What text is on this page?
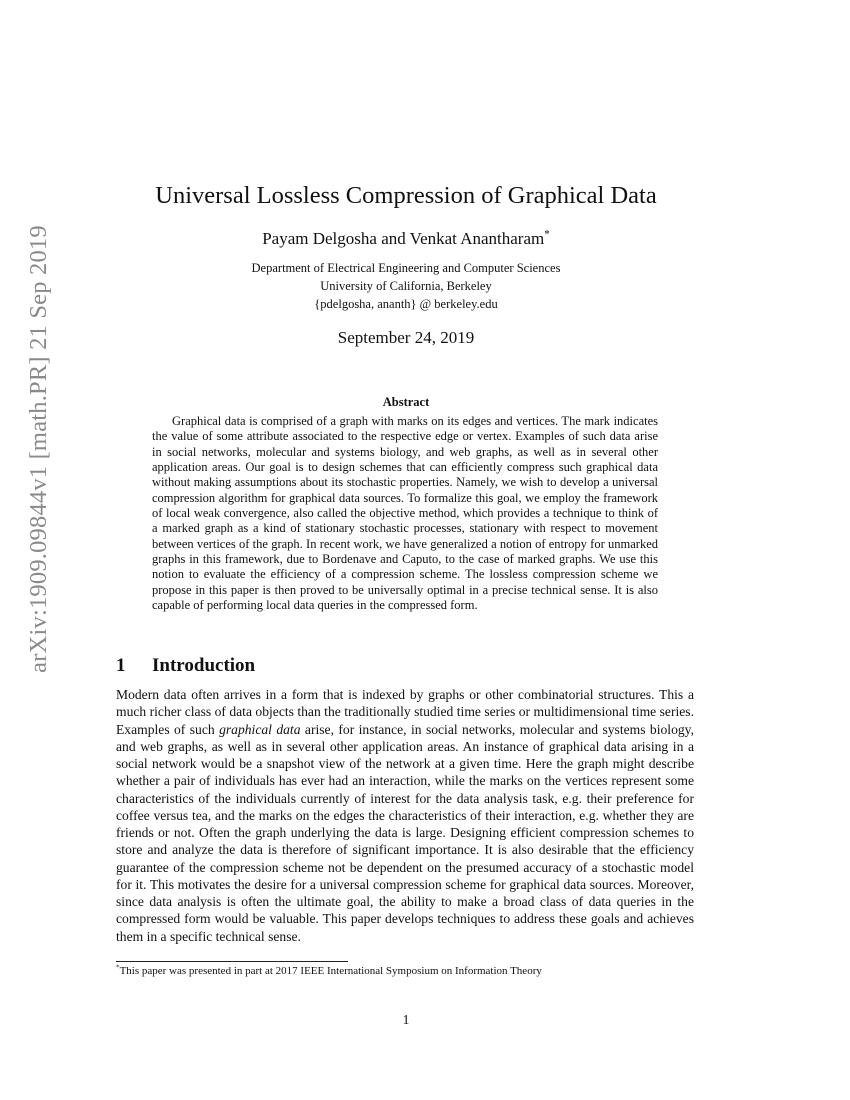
arXiv:1909.09844v1 [math.PR] 21 Sep 2019
Universal Lossless Compression of Graphical Data
Payam Delgosha and Venkat Anantharam*
Department of Electrical Engineering and Computer Sciences
University of California, Berkeley
{pdelgosha, ananth} @ berkeley.edu
September 24, 2019
Abstract

Graphical data is comprised of a graph with marks on its edges and vertices. The mark indicates the value of some attribute associated to the respective edge or vertex. Examples of such data arise in social networks, molecular and systems biology, and web graphs, as well as in several other application areas. Our goal is to design schemes that can efficiently compress such graphical data without making assumptions about its stochastic properties. Namely, we wish to develop a universal compression algorithm for graphical data sources. To formalize this goal, we employ the framework of local weak convergence, also called the objective method, which provides a technique to think of a marked graph as a kind of stationary stochastic processes, stationary with respect to movement between vertices of the graph. In recent work, we have generalized a notion of entropy for unmarked graphs in this framework, due to Bordenave and Caputo, to the case of marked graphs. We use this notion to evaluate the efficiency of a compression scheme. The lossless compression scheme we propose in this paper is then proved to be universally optimal in a precise technical sense. It is also capable of performing local data queries in the compressed form.

1 Introduction

Modern data often arrives in a form that is indexed by graphs or other combinatorial structures. This a much richer class of data objects than the traditionally studied time series or multidimensional time series. Examples of such graphical data arise, for instance, in social networks, molecular and systems biology, and web graphs, as well as in several other application areas. An instance of graphical data arising in a social network would be a snapshot view of the network at a given time. Here the graph might describe whether a pair of individuals has ever had an interaction, while the marks on the vertices represent some characteristics of the individuals currently of interest for the data analysis task, e.g. their preference for coffee versus tea, and the marks on the edges the characteristics of their interaction, e.g. whether they are friends or not. Often the graph underlying the data is large. Designing efficient compression schemes to store and analyze the data is therefore of significant importance. It is also desirable that the efficiency guarantee of the compression scheme not be dependent on the presumed accuracy of a stochastic model for it. This motivates the desire for a universal compression scheme for graphical data sources. Moreover, since data analysis is often the ultimate goal, the ability to make a broad class of data queries in the compressed form would be valuable. This paper develops techniques to address these goals and achieves them in a specific technical sense.

*This paper was presented in part at 2017 IEEE International Symposium on Information Theory
1
